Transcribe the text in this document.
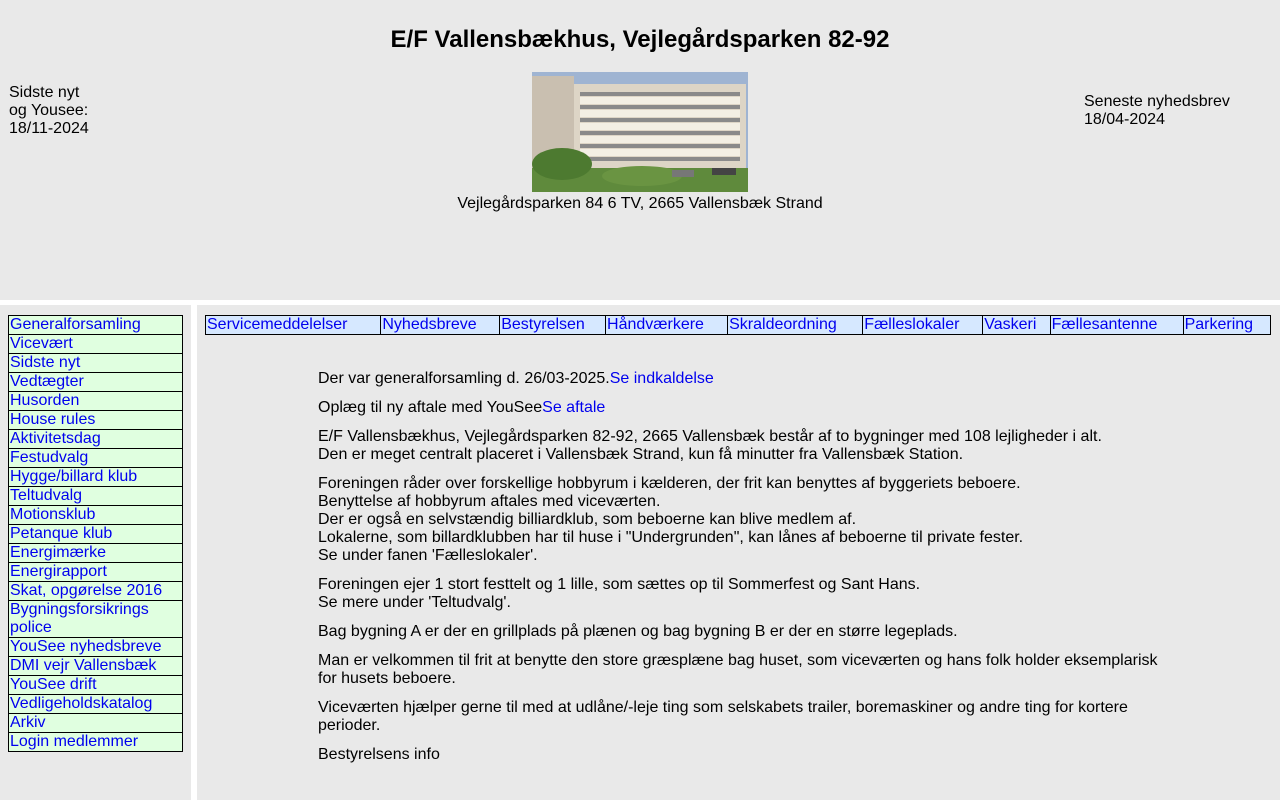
E/F Vallensbækhus, Vejlegårdsparken 82-92
Sidste nyt
og Yousee:
18/11-2024
Vejlegårdsparken 84 6 TV, 2665 Vallensbæk Strand
Seneste nyhedsbrev
18/04-2024
Generalforsamling
Vicevært
Sidste nyt
Vedtægter
Husorden
House rules
Aktivitetsdag
Festudvalg
Hygge/billard klub
Teltudvalg
Motionsklub
Petanque klub
Energimærke
Energirapport
Skat, opgørelse 2016
Bygningsforsikrings police
YouSee nyhedsbreve
DMI vejr Vallensbæk
YouSee drift
Vedligeholdskatalog
Arkiv
Login medlemmer
Servicemeddelelser	Nyhedsbreve	Bestyrelsen	Håndværkere	Skraldeordning	Fælleslokaler	Vaskeri	Fællesantenne	Parkering

Der var generalforsamling d. 26/03-2025.Se indkaldelse

Oplæg til ny aftale med YouSeeSe aftale

E/F Vallensbækhus, Vejlegårdsparken 82-92, 2665 Vallensbæk består af to bygninger med 108 lejligheder i alt.
Den er meget centralt placeret i Vallensbæk Strand, kun få minutter fra Vallensbæk Station.

Foreningen råder over forskellige hobbyrum i kælderen, der frit kan benyttes af byggeriets beboere.
Benyttelse af hobbyrum aftales med viceværten.
Der er også en selvstændig billiardklub, som beboerne kan blive medlem af.
Lokalerne, som billardklubben har til huse i "Undergrunden", kan lånes af beboerne til private fester.
Se under fanen 'Fælleslokaler'.

Foreningen ejer 1 stort festtelt og 1 lille, som sættes op til Sommerfest og Sant Hans.
Se mere under 'Teltudvalg'.

Bag bygning A er der en grillplads på plænen og bag bygning B er der en større legeplads.

Man er velkommen til frit at benytte den store græsplæne bag huset, som viceværten og hans folk holder eksemplarisk for husets beboere.

Viceværten hjælper gerne til med at udlåne/-leje ting som selskabets trailer, boremaskiner og andre ting for kortere perioder.

Bestyrelsens info
